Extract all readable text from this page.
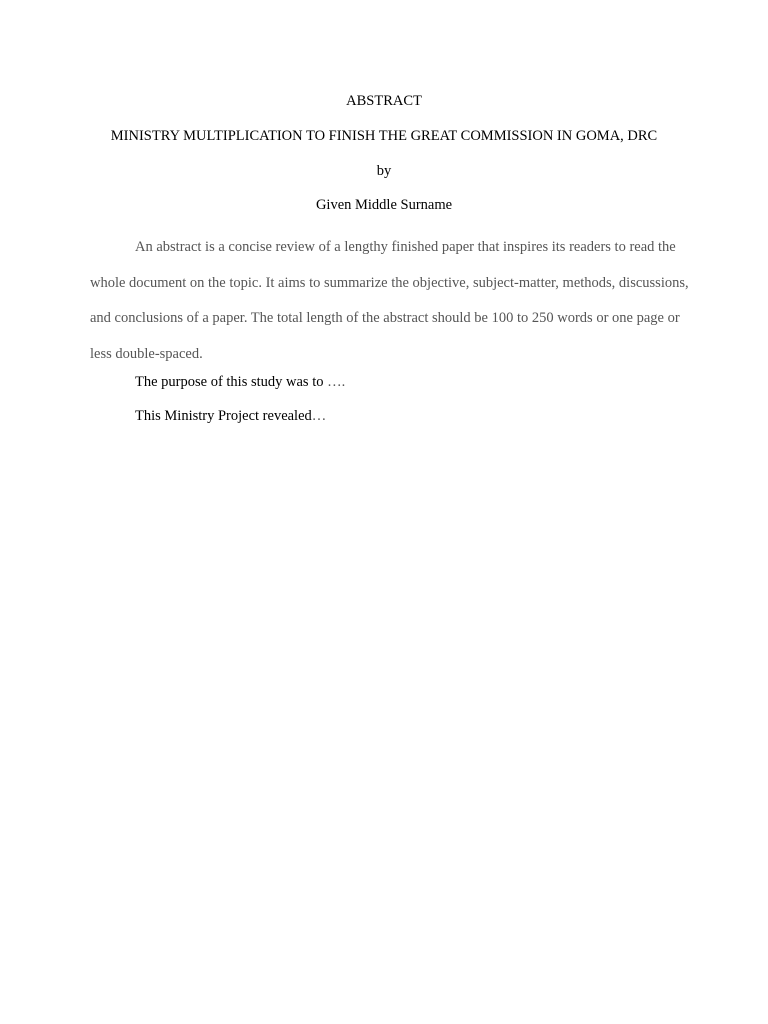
ABSTRACT
MINISTRY MULTIPLICATION TO FINISH THE GREAT COMMISSION IN GOMA, DRC
by
Given Middle Surname

An abstract is a concise review of a lengthy finished paper that inspires its readers to read the whole document on the topic. It aims to summarize the objective, subject-matter, methods, discussions, and conclusions of a paper. The total length of the abstract should be 100 to 250 words or one page or less double-spaced.

The purpose of this study was to ….
This Ministry Project revealed…
